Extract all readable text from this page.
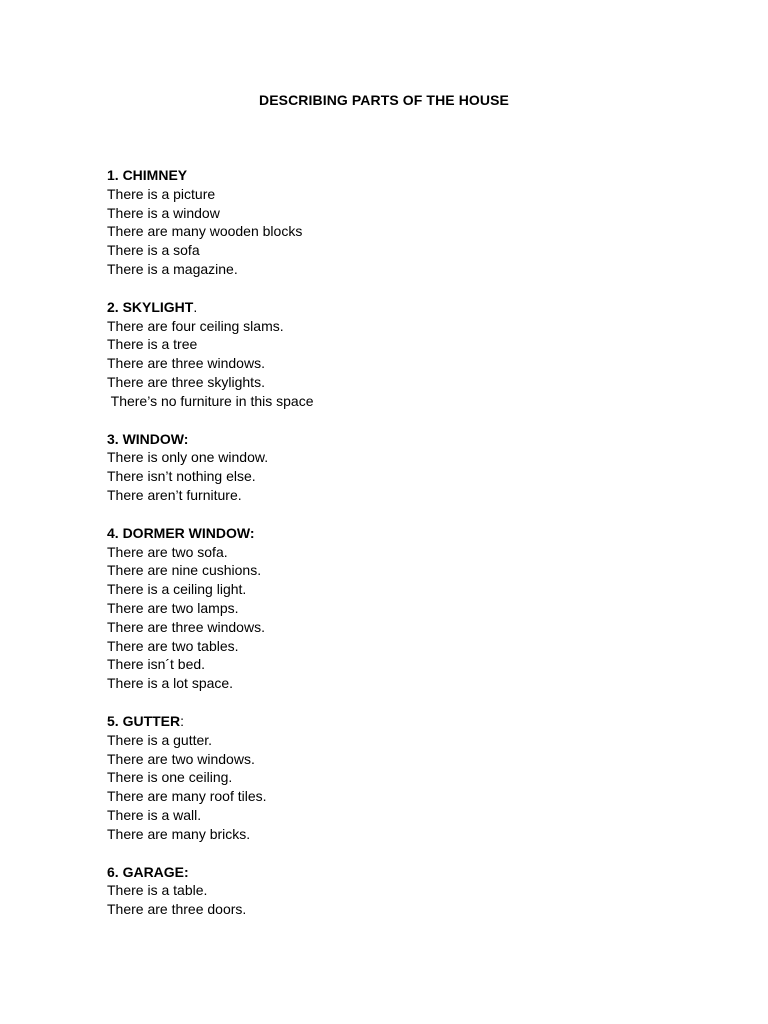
DESCRIBING PARTS OF THE HOUSE

1. CHIMNEY

There is a picture

There is a window

There are many wooden blocks

There is a sofa

There is a magazine.

2. SKYLIGHT.

There are four ceiling slams.

There is a tree

There are three windows.

There are three skylights.

There’s no furniture in this space

3. WINDOW:

There is only one window.

There isn’t nothing else.

There aren’t furniture.

4. DORMER WINDOW:

There are two sofa.

There are nine cushions.

There is a ceiling light.

There are two lamps.

There are three windows.

There are two tables.

There isn´t bed.

There is a lot space.

5. GUTTER:

There is a gutter.

There are two windows.

There is one ceiling.

There are many roof tiles.

There is a wall.

There are many bricks.

6. GARAGE:

There is a table.

There are three doors.
